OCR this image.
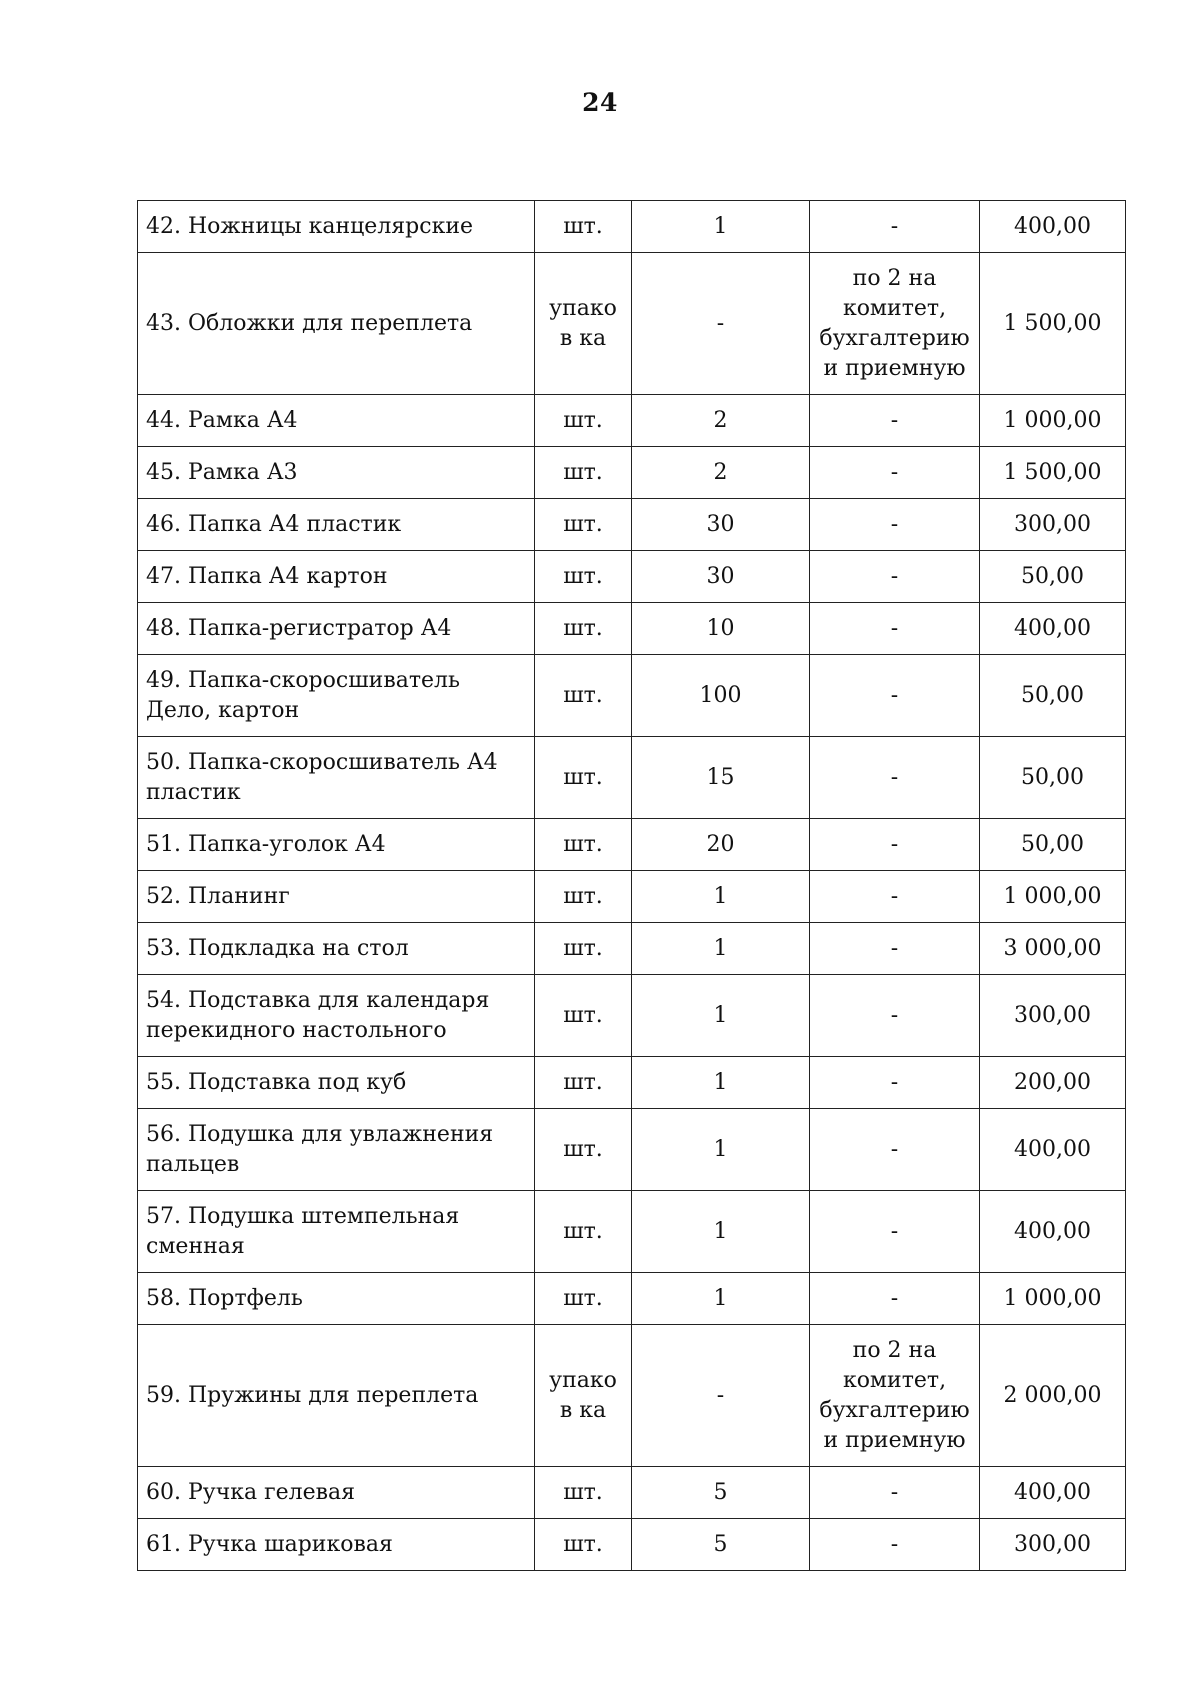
24
42. Ножницы канцелярские	шт.	1	-	400,00
43. Обложки для переплета	упаков ка	-	по 2 на комитет, бухгалтерию и приемную	1 500,00
44. Рамка А4	шт.	2	-	1 000,00
45. Рамка А3	шт.	2	-	1 500,00
46. Папка А4 пластик	шт.	30	-	300,00
47. Папка А4 картон	шт.	30	-	50,00
48. Папка-регистратор А4	шт.	10	-	400,00
49. Папка-скоросшиватель Дело, картон	шт.	100	-	50,00
50. Папка-скоросшиватель А4 пластик	шт.	15	-	50,00
51. Папка-уголок А4	шт.	20	-	50,00
52. Планинг	шт.	1	-	1 000,00
53. Подкладка на стол	шт.	1	-	3 000,00
54. Подставка для календаря перекидного настольного	шт.	1	-	300,00
55. Подставка под куб	шт.	1	-	200,00
56. Подушка для увлажнения пальцев	шт.	1	-	400,00
57. Подушка штемпельная сменная	шт.	1	-	400,00
58. Портфель	шт.	1	-	1 000,00
59. Пружины для переплета	упаков ка	-	по 2 на комитет, бухгалтерию и приемную	2 000,00
60. Ручка гелевая	шт.	5	-	400,00
61. Ручка шариковая	шт.	5	-	300,00
